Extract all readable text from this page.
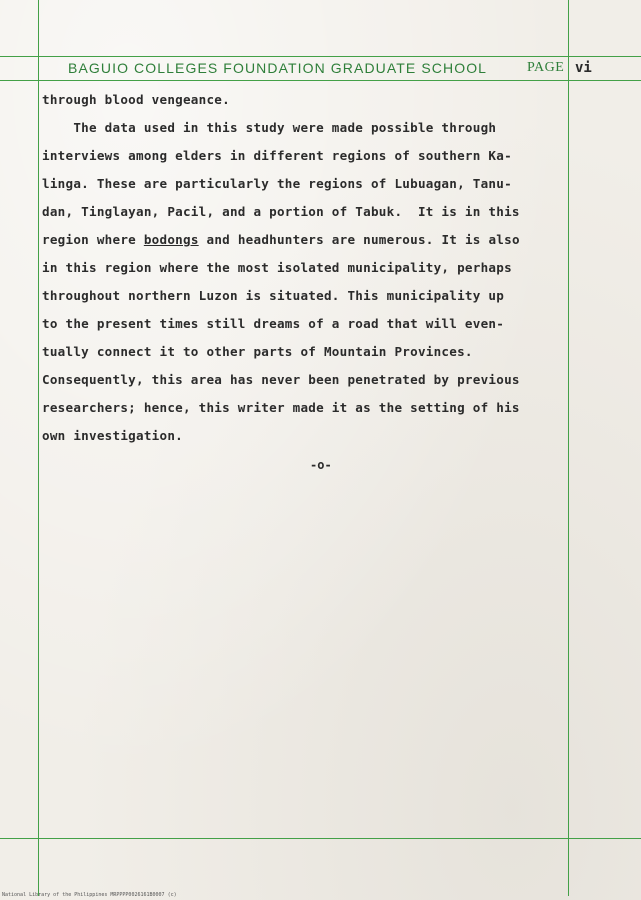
BAGUIO COLLEGES FOUNDATION GRADUATE SCHOOL	PAGE vi
through blood vengeance.
The data used in this study were made possible through
interviews among elders in different regions of southern Ka-
linga. These are particularly the regions of Lubuagan, Tanu-
dan, Tinglayan, Pacil, and a portion of Tabuk.  It is in this
region where bodongs and headhunters are numerous. It is also
in this region where the most isolated municipality, perhaps
throughout northern Luzon is situated. This municipality up
to the present times still dreams of a road that will even-
tually connect it to other parts of Mountain Provinces.
Consequently, this area has never been penetrated by previous
researchers; hence, this writer made it as the setting of his
own investigation.
-o-
National Library of the Philippines MRPPPP0026161B0007 (c)
